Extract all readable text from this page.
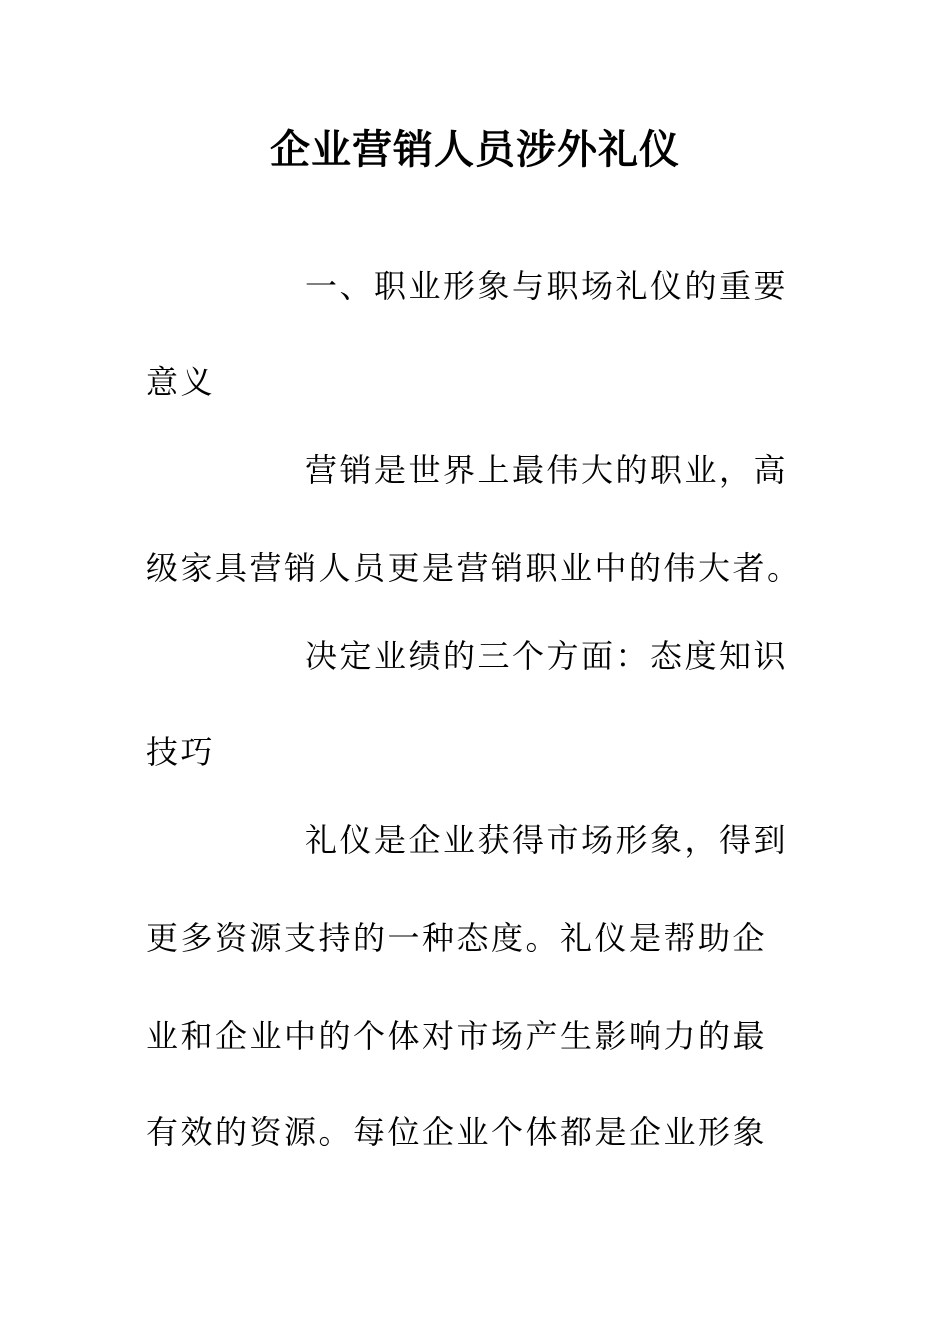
企业营销人员涉外礼仪
一、职业形象与职场礼仪的重要
意义
营销是世界上最伟大的职业，高
级家具营销人员更是营销职业中的伟大者。
决定业绩的三个方面：态度知识
技巧
礼仪是企业获得市场形象，得到
更多资源支持的一种态度。礼仪是帮助企
业和企业中的个体对市场产生影响力的最
有效的资源。每位企业个体都是企业形象
